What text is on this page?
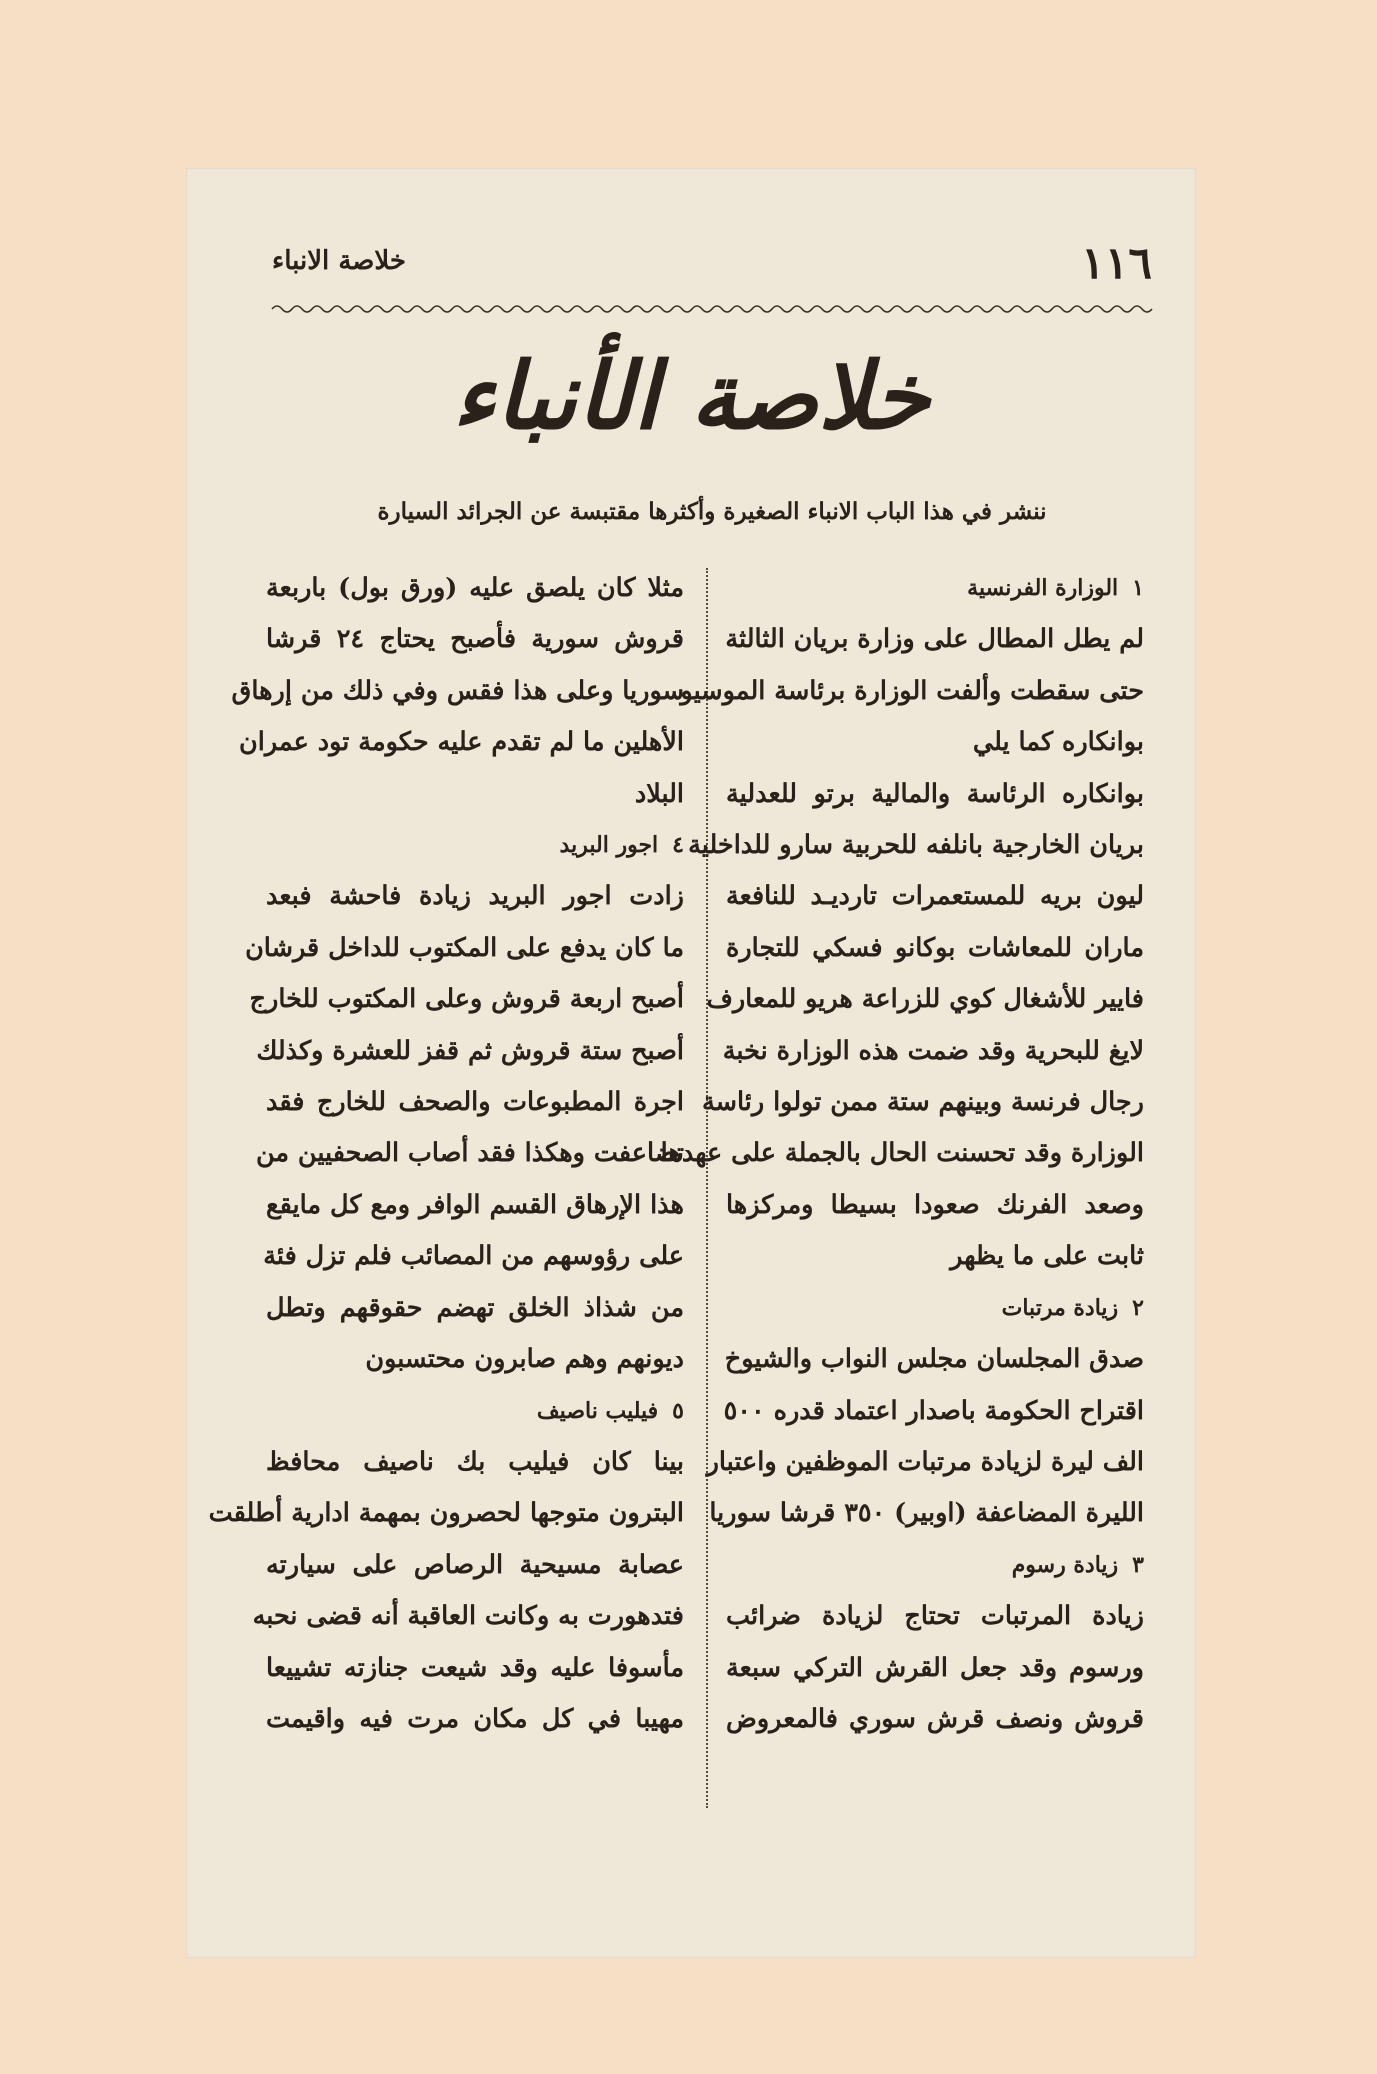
١١٦
خلاصة الانباء
خلاصة الأنباء
ننشر في هذا الباب الانباء الصغيرة وأكثرها مقتبسة عن الجرائد السيارة
١الوزارة الفرنسية
لم يطل المطال على وزارة بريان الثالثة
حتى سقطت وألفت الوزارة برئاسة الموسيو
بوانكاره كما يلي
بوانكاره الرئاسة والمالية برتو للعدلية
بريان الخارجية بانلفه للحربية سارو للداخلية
ليون بريه للمستعمرات تارديـد للنافعة
ماران للمعاشات بوكانو فسكي للتجارة
فايير للأشغال كوي للزراعة هريو للمعارف
لايغ للبحرية وقد ضمت هذه الوزارة نخبة
رجال فرنسة وبينهم ستة ممن تولوا رئاسة
الوزارة وقد تحسنت الحال بالجملة على عهدها
وصعد الفرنك صعودا بسيطا ومركزها
ثابت على ما يظهر
٢زيادة مرتبات
صدق المجلسان مجلس النواب والشيوخ
اقتراح الحكومة باصدار اعتماد قدره ٥٠٠
الف ليرة لزيادة مرتبات الموظفين واعتبار
الليرة المضاعفة (اوبير) ٣٥٠ قرشا سوريا
٣زيادة رسوم
زيادة المرتبات تحتاج لزيادة ضرائب
ورسوم وقد جعل القرش التركي سبعة
قروش ونصف قرش سوري فالمعروض
مثلا كان يلصق عليه (ورق بول) باربعة
قروش سورية فأصبح يحتاج ٢٤ قرشا
سوريا وعلى هذا فقس وفي ذلك من إرهاق
الأهلين ما لم تقدم عليه حكومة تود عمران
البلاد
٤اجور البريد
زادت اجور البريد زيادة فاحشة فبعد
ما كان يدفع على المكتوب للداخل قرشان
أصبح اربعة قروش وعلى المكتوب للخارج
أصبح ستة قروش ثم قفز للعشرة وكذلك
اجرة المطبوعات والصحف للخارج فقد
تضاعفت وهكذا فقد أصاب الصحفيين من
هذا الإرهاق القسم الوافر ومع كل مايقع
على رؤوسهم من المصائب فلم تزل فئة
من شذاذ الخلق تهضم حقوقهم وتطل
ديونهم وهم صابرون محتسبون
٥فيليب ناصيف
بينا كان فيليب بك ناصيف محافظ
البترون متوجها لحصرون بمهمة ادارية أطلقت
عصابة مسيحية الرصاص على سيارته
فتدهورت به وكانت العاقبة أنه قضى نحبه
مأسوفا عليه وقد شيعت جنازته تشييعا
مهيبا في كل مكان مرت فيه واقيمت
